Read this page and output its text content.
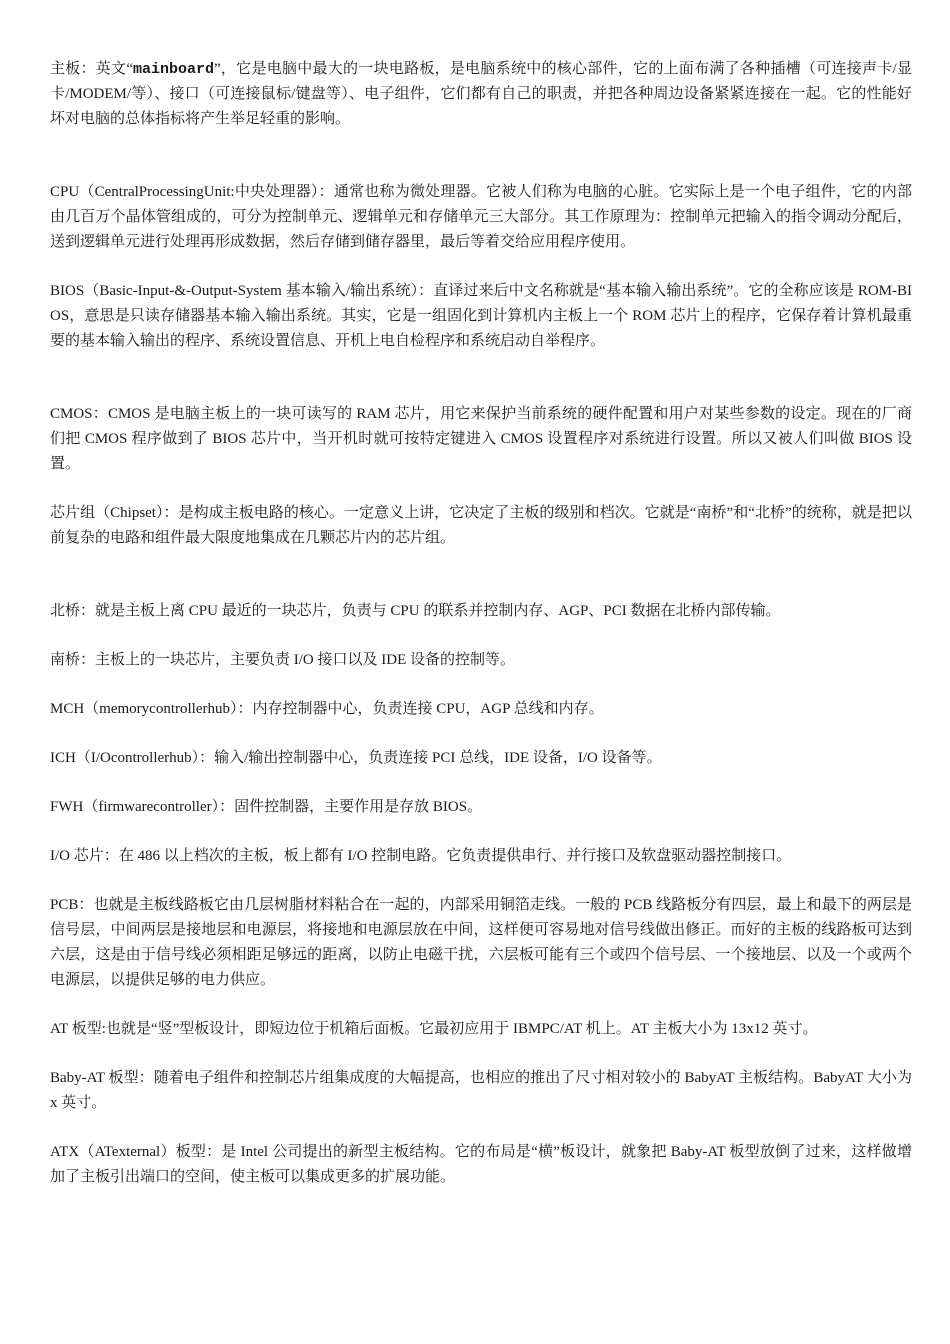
主板：英文“mainboard”，它是电脑中最大的一块电路板，是电脑系统中的核心部件，它的上面布满了各种插槽（可连接声卡/显卡/MODEM/等）、接口（可连接鼠标/键盘等）、电子组件，它们都有自己的职责，并把各种周边设备紧紧连接在一起。它的性能好坏对电脑的总体指标将产生举足轻重的影响。

CPU（CentralProcessingUnit:中央处理器）：通常也称为微处理器。它被人们称为电脑的心脏。它实际上是一个电子组件，它的内部由几百万个晶体管组成的，可分为控制单元、逻辑单元和存储单元三大部分。其工作原理为：控制单元把输入的指令调动分配后，送到逻辑单元进行处理再形成数据，然后存储到储存器里，最后等着交给应用程序使用。

BIOS（Basic-Input-&-Output-System 基本输入/输出系统）：直译过来后中文名称就是“基本输入输出系统”。它的全称应该是 ROM-BIOS，意思是只读存储器基本输入输出系统。其实，它是一组固化到计算机内主板上一个 ROM 芯片上的程序，它保存着计算机最重要的基本输入输出的程序、系统设置信息、开机上电自检程序和系统启动自举程序。

CMOS：CMOS 是电脑主板上的一块可读写的 RAM 芯片，用它来保护当前系统的硬件配置和用户对某些参数的设定。现在的厂商们把 CMOS 程序做到了 BIOS 芯片中，当开机时就可按特定键进入 CMOS 设置程序对系统进行设置。所以又被人们叫做 BIOS 设置。

芯片组（Chipset）：是构成主板电路的核心。一定意义上讲，它决定了主板的级别和档次。它就是“南桥”和“北桥”的统称，就是把以前复杂的电路和组件最大限度地集成在几颗芯片内的芯片组。

北桥：就是主板上离 CPU 最近的一块芯片，负责与 CPU 的联系并控制内存、AGP、PCI 数据在北桥内部传输。

南桥：主板上的一块芯片，主要负责 I/O 接口以及 IDE 设备的控制等。

MCH（memorycontrollerhub）：内存控制器中心，负责连接 CPU，AGP 总线和内存。

ICH（I/Ocontrollerhub）：输入/输出控制器中心，负责连接 PCI 总线，IDE 设备，I/O 设备等。

FWH（firmwarecontroller）：固件控制器，主要作用是存放 BIOS。

I/O 芯片：在 486 以上档次的主板，板上都有 I/O 控制电路。它负责提供串行、并行接口及软盘驱动器控制接口。

PCB：也就是主板线路板它由几层树脂材料粘合在一起的，内部采用铜箔走线。一般的 PCB 线路板分有四层，最上和最下的两层是信号层，中间两层是接地层和电源层，将接地和电源层放在中间，这样便可容易地对信号线做出修正。而好的主板的线路板可达到六层，这是由于信号线必须相距足够远的距离，以防止电磁干扰，六层板可能有三个或四个信号层、一个接地层、以及一个或两个电源层，以提供足够的电力供应。

AT 板型:也就是“竖”型板设计，即短边位于机箱后面板。它最初应用于 IBMPC/AT 机上。AT 主板大小为 13x12 英寸。

Baby-AT 板型：随着电子组件和控制芯片组集成度的大幅提高，也相应的推出了尺寸相对较小的 BabyAT 主板结构。BabyAT 大小为 x 英寸。

ATX（ATexternal）板型：是 Intel 公司提出的新型主板结构。它的布局是“横”板设计，就象把 Baby-AT 板型放倒了过来，这样做增加了主板引出端口的空间，使主板可以集成更多的扩展功能。
